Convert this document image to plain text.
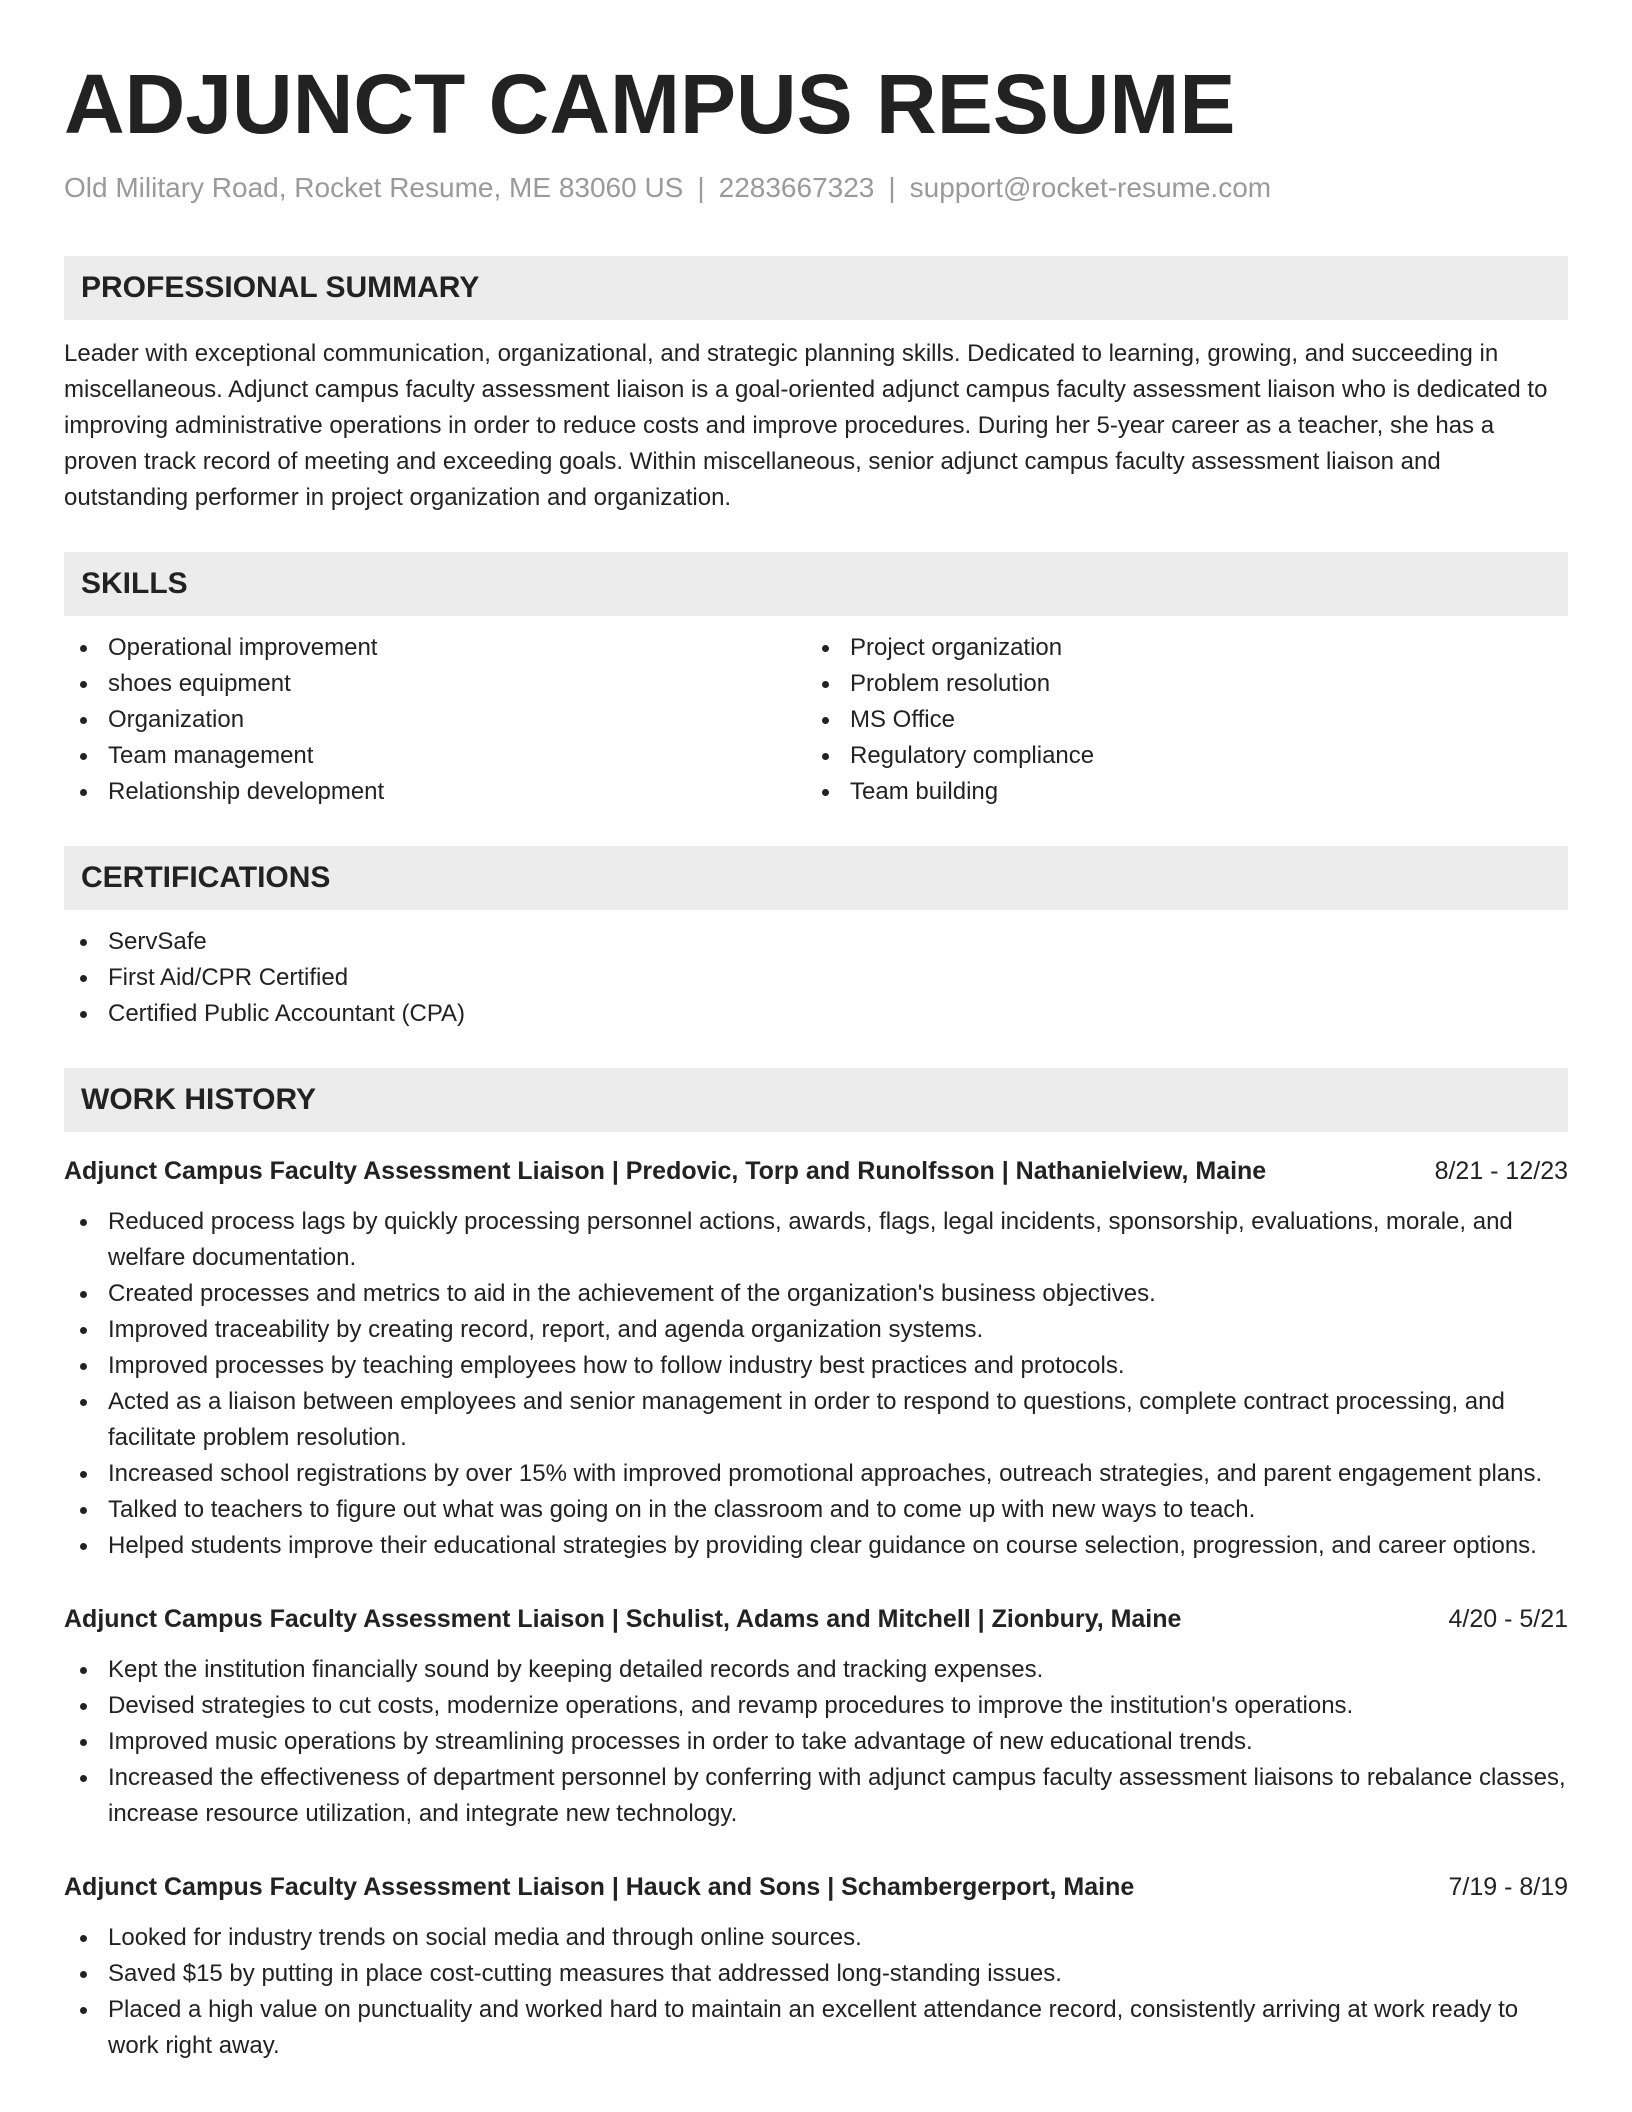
ADJUNCT CAMPUS RESUME
Old Military Road, Rocket Resume, ME 83060 US | 2283667323 | support@rocket-resume.com
PROFESSIONAL SUMMARY

Leader with exceptional communication, organizational, and strategic planning skills. Dedicated to learning, growing, and succeeding in miscellaneous. Adjunct campus faculty assessment liaison is a goal-oriented adjunct campus faculty assessment liaison who is dedicated to improving administrative operations in order to reduce costs and improve procedures. During her 5-year career as a teacher, she has a proven track record of meeting and exceeding goals. Within miscellaneous, senior adjunct campus faculty assessment liaison and outstanding performer in project organization and organization.

SKILLS
Operational improvement
shoes equipment
Organization
Team management
Relationship development
Project organization
Problem resolution
MS Office
Regulatory compliance
Team building
CERTIFICATIONS
ServSafe
First Aid/CPR Certified
Certified Public Accountant (CPA)
WORK HISTORY
Adjunct Campus Faculty Assessment Liaison | Predovic, Torp and Runolfsson | Nathanielview, Maine	8/21 - 12/23
Reduced process lags by quickly processing personnel actions, awards, flags, legal incidents, sponsorship, evaluations, morale, and welfare documentation.
Created processes and metrics to aid in the achievement of the organization's business objectives.
Improved traceability by creating record, report, and agenda organization systems.
Improved processes by teaching employees how to follow industry best practices and protocols.
Acted as a liaison between employees and senior management in order to respond to questions, complete contract processing, and facilitate problem resolution.
Increased school registrations by over 15% with improved promotional approaches, outreach strategies, and parent engagement plans.
Talked to teachers to figure out what was going on in the classroom and to come up with new ways to teach.
Helped students improve their educational strategies by providing clear guidance on course selection, progression, and career options.
Adjunct Campus Faculty Assessment Liaison | Schulist, Adams and Mitchell | Zionbury, Maine	4/20 - 5/21
Kept the institution financially sound by keeping detailed records and tracking expenses.
Devised strategies to cut costs, modernize operations, and revamp procedures to improve the institution's operations.
Improved music operations by streamlining processes in order to take advantage of new educational trends.
Increased the effectiveness of department personnel by conferring with adjunct campus faculty assessment liaisons to rebalance classes, increase resource utilization, and integrate new technology.
Adjunct Campus Faculty Assessment Liaison | Hauck and Sons | Schambergerport, Maine	7/19 - 8/19
Looked for industry trends on social media and through online sources.
Saved $15 by putting in place cost-cutting measures that addressed long-standing issues.
Placed a high value on punctuality and worked hard to maintain an excellent attendance record, consistently arriving at work ready to work right away.
